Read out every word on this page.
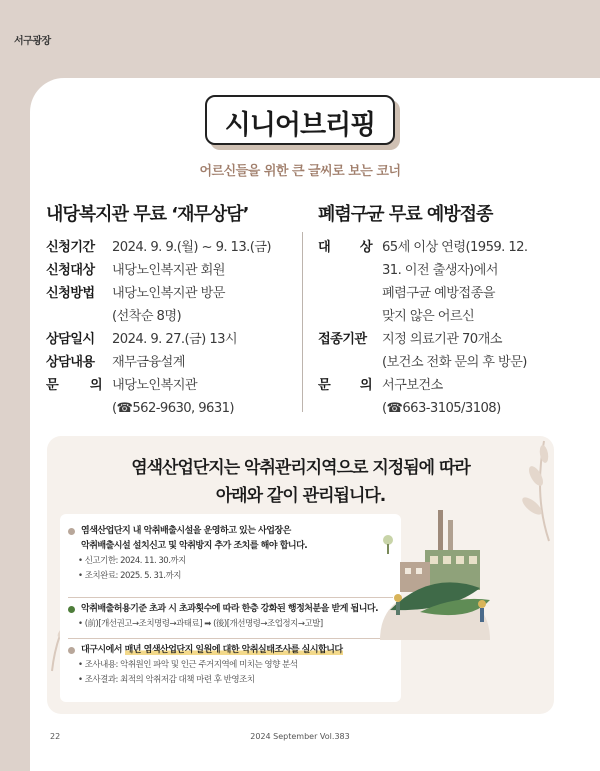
서구광장
시니어브리핑
어르신들을 위한 큰 글씨로 보는 코너
내당복지관 무료 ‘재무상담’
신청기간	2024. 9. 9.(월) ~ 9. 13.(금)
신청대상	내당노인복지관 회원
신청방법	내당노인복지관 방문
(선착순 8명)
상담일시	2024. 9. 27.(금) 13시
상담내용	재무금융설계
문 의 내당노인복지관
(☎562-9630, 9631)
폐렴구균 무료 예방접종
대 상 65세 이상 연령(1959. 12.
31. 이전 출생자)에서
폐렴구균 예방접종을
맞지 않은 어르신
접종기관	지정 의료기관 70개소
(보건소 전화 문의 후 방문)
문 의 서구보건소
(☎663-3105/3108)
염색산업단지는 악취관리지역으로 지정됨에 따라
아래와 같이 관리됩니다.
염색산업단지 내 악취배출시설을 운영하고 있는 사업장은
악취배출시설 설치신고 및 악취방지 추가 조치를 해야 합니다.
• 신고기한: 2024. 11. 30.까지
• 조치완료: 2025. 5. 31.까지
악취배출허용기준 초과 시 초과횟수에 따라 한층 강화된 행정처분을 받게 됩니다.
• (前)[개선권고→조치명령→과태료] ➡ (後)[개선명령→조업정지→고발]
대구시에서 매년 염색산업단지 일원에 대한 악취실태조사를 실시합니다
• 조사내용: 악취원인 파악 및 인근 주거지역에 미치는 영향 분석
• 조사결과: 최적의 악취저감 대책 마련 후 반영조치
22	2024 September Vol.383
